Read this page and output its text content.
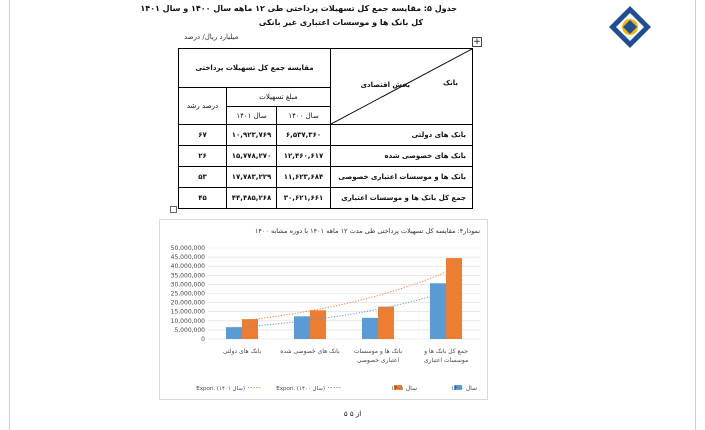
جدول ۵: مقایسه جمع کل تسهیلات پرداختی طی ۱۲ ماهه سال ۱۴۰۰ و سال ۱۴۰۱
کل بانک ها و موسسات اعتباری غیر بانکی
میلیارد ریال/ درصد	+
بانک
بخش اقتصادی	مقایسه جمع کل تسهیلات پرداختی		
	مبلغ تسهیلات		درصد رشد
	سال ۱۴۰۰	سال ۱۴۰۱	
بانک های دولتی	۶,۵۳۷,۳۶۰	۱۰,۹۲۳,۷۶۹	۶۷
بانک های خصوصی شده	۱۲,۴۶۰,۶۱۷	۱۵,۷۷۸,۲۷۰	۲۶
بانک ها و موسسات اعتباری خصوصی	۱۱,۶۲۳,۶۸۴	۱۷,۷۸۳,۲۲۹	۵۳
جمع کل بانک ها و موسسات اعتباری	۳۰,۶۲۱,۶۶۱	۴۴,۴۸۵,۲۶۸	۴۵
نمودار۴: مقایسه کل تسهیلات پرداختی طی مدت ۱۲ ماهه ۱۴۰۱ با دوره مشابه ۱۴۰۰
0
5,000,000
10,000,000
15,000,000
20,000,000
25,000,000
30,000,000
35,000,000
40,000,000
45,000,000
50,000,000
بانک های دولتی	بانک های خصوصی شده بانک ها و موسسات
اعتباری خصوصی
جمع کل بانک ها و
موسسات اعتباری
سال ۱۴۰۰
سال ۱۴۰۱
Expon. (سال ۱۴۰۰)
Expon. (سال ۱۴۰۱)
۵ از ۵
